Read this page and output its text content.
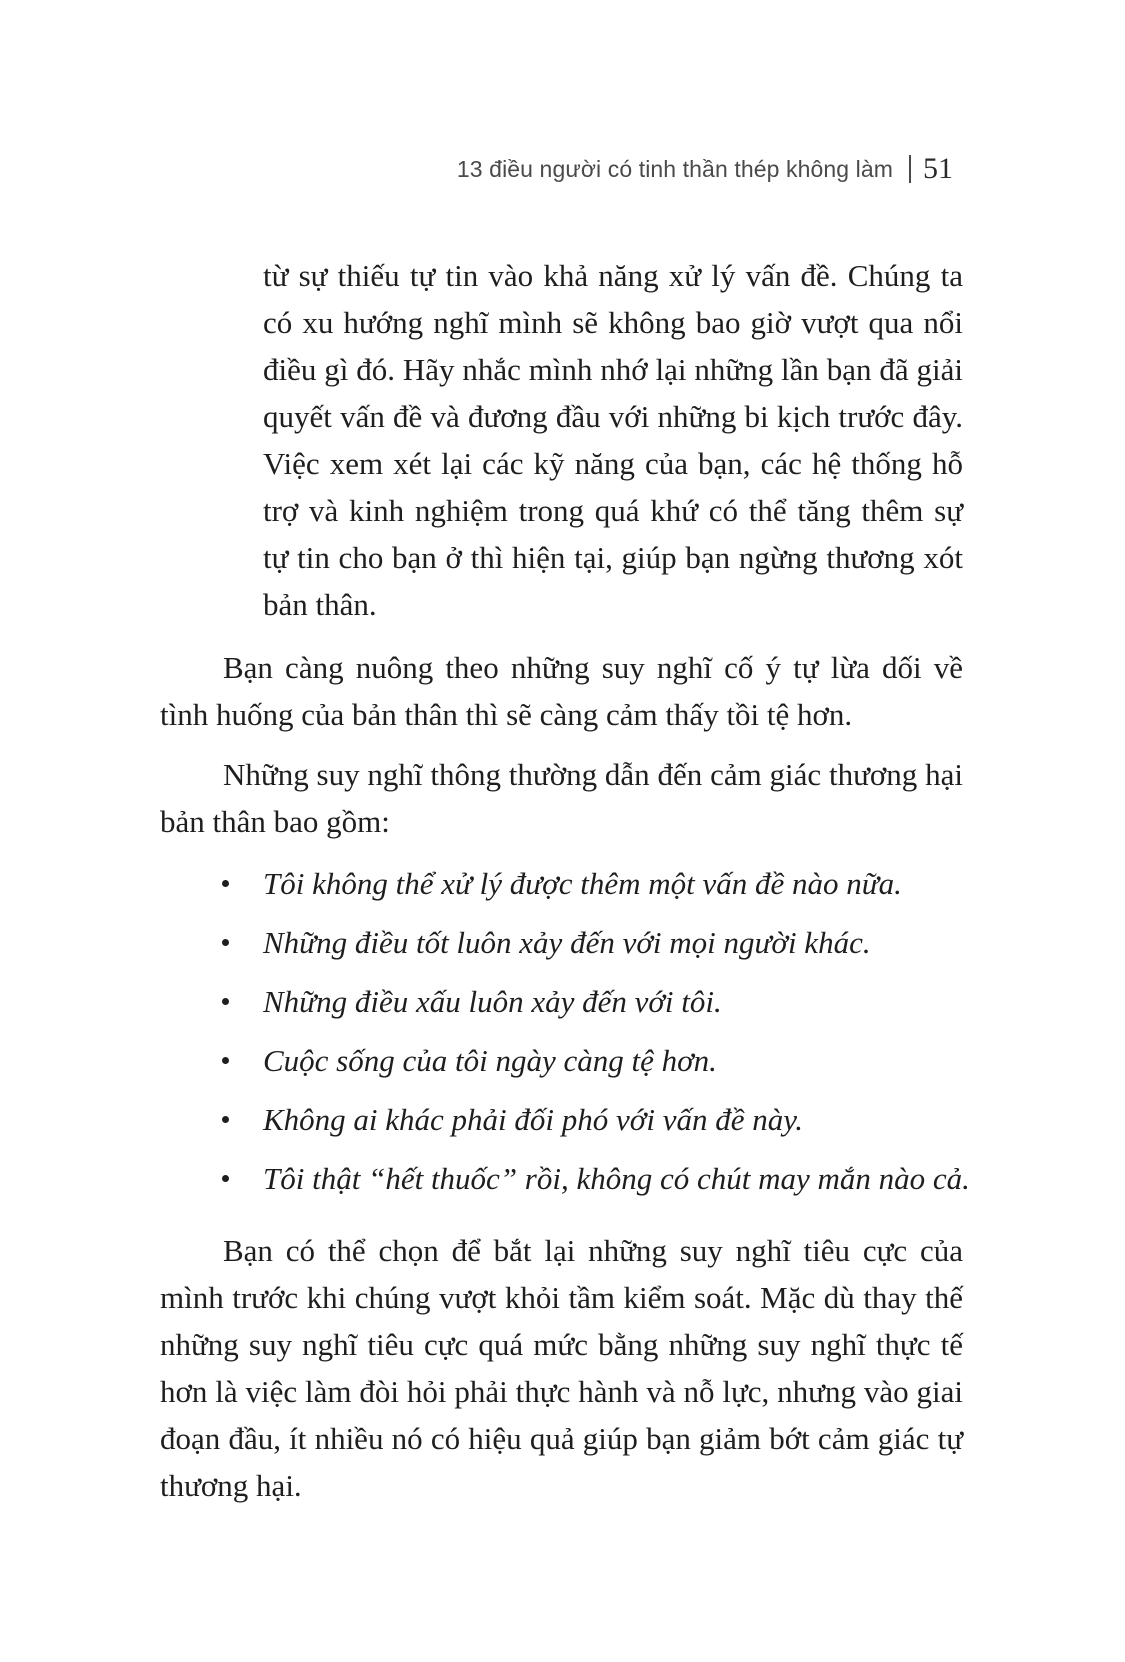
13 điều người có tinh thần thép không làm 51

từ sự thiếu tự tin vào khả năng xử lý vấn đề. Chúng ta có xu hướng nghĩ mình sẽ không bao giờ vượt qua nổi điều gì đó. Hãy nhắc mình nhớ lại những lần bạn đã giải quyết vấn đề và đương đầu với những bi kịch trước đây. Việc xem xét lại các kỹ năng của bạn, các hệ thống hỗ trợ và kinh nghiệm trong quá khứ có thể tăng thêm sự tự tin cho bạn ở thì hiện tại, giúp bạn ngừng thương xót bản thân.

Bạn càng nuông theo những suy nghĩ cố ý tự lừa dối về tình huống của bản thân thì sẽ càng cảm thấy tồi tệ hơn.

Những suy nghĩ thông thường dẫn đến cảm giác thương hại bản thân bao gồm:

Tôi không thể xử lý được thêm một vấn đề nào nữa.
Những điều tốt luôn xảy đến với mọi người khác.
Những điều xấu luôn xảy đến với tôi.
Cuộc sống của tôi ngày càng tệ hơn.
Không ai khác phải đối phó với vấn đề này.
Tôi thật “hết thuốc” rồi, không có chút may mắn nào cả.

Bạn có thể chọn để bắt lại những suy nghĩ tiêu cực của mình trước khi chúng vượt khỏi tầm kiểm soát. Mặc dù thay thế những suy nghĩ tiêu cực quá mức bằng những suy nghĩ thực tế hơn là việc làm đòi hỏi phải thực hành và nỗ lực, nhưng vào giai đoạn đầu, ít nhiều nó có hiệu quả giúp bạn giảm bớt cảm giác tự thương hại.
